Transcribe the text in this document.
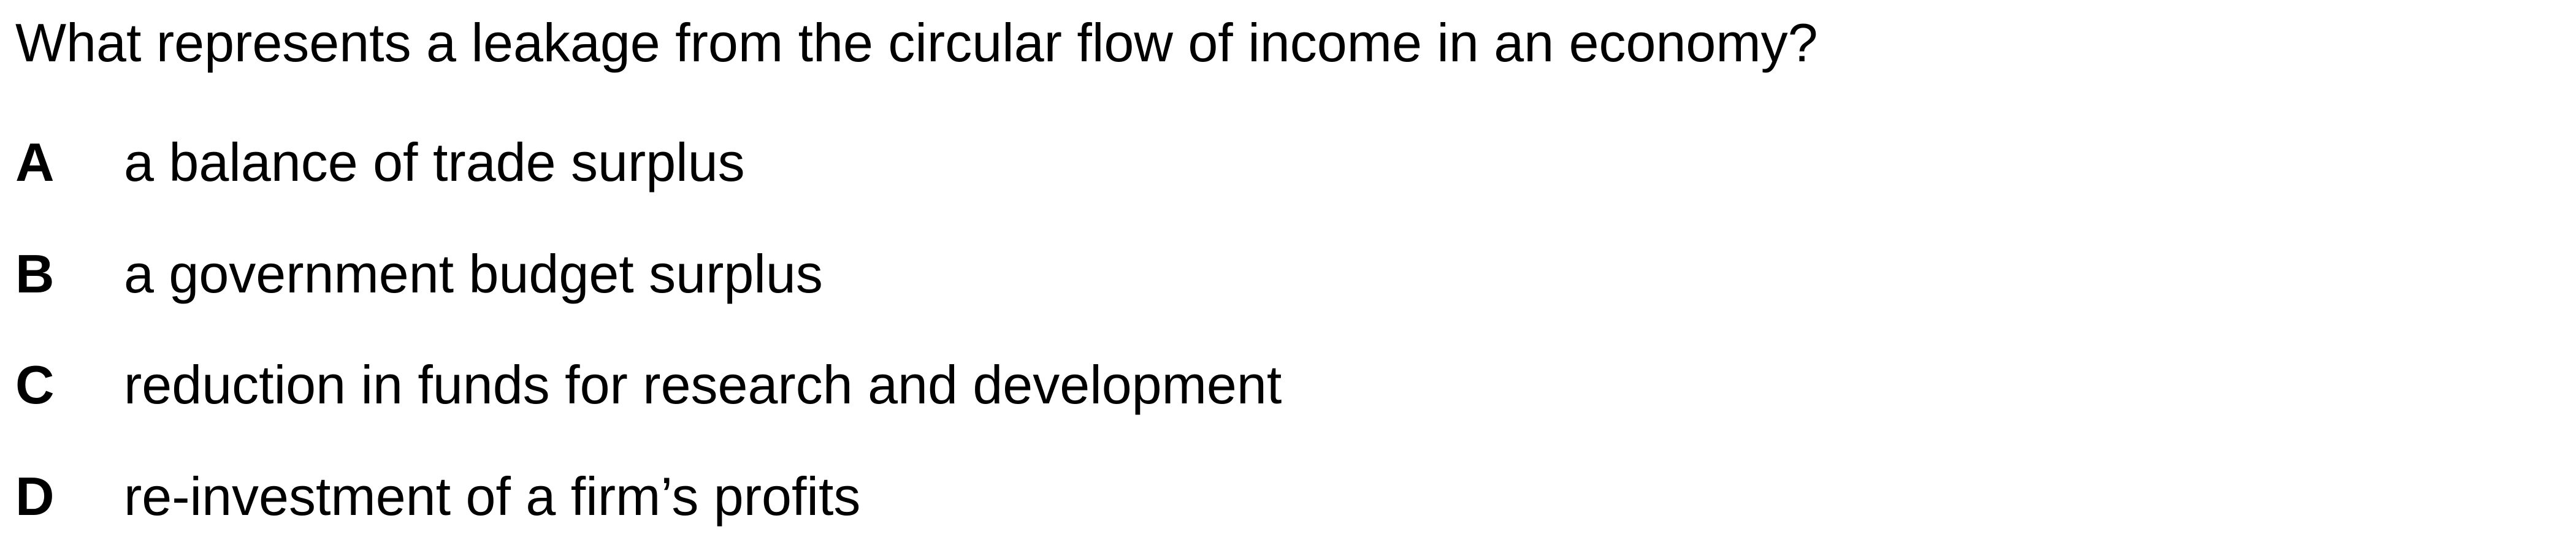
What represents a leakage from the circular flow of income in an economy?

A	a balance of trade surplus
B	a government budget surplus
C	reduction in funds for research and development
D	re-investment of a firm’s profits
